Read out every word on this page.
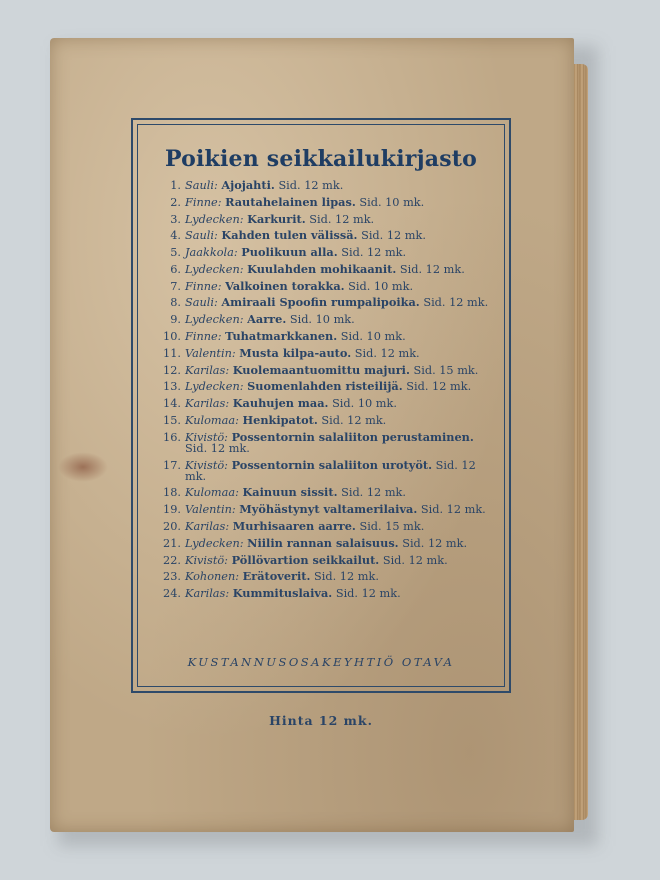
Poikien seikkailukirjasto
1. Sauli: Ajojahti. Sid. 12 mk.
2. Finne: Rautahelainen lipas. Sid. 10 mk.
3. Lydecken: Karkurit. Sid. 12 mk.
4. Sauli: Kahden tulen välissä. Sid. 12 mk.
5. Jaakkola: Puolikuun alla. Sid. 12 mk.
6. Lydecken: Kuulahden mohikaanit. Sid. 12 mk.
7. Finne: Valkoinen torakka. Sid. 10 mk.
8. Sauli: Amiraali Spoofin rumpalipoika. Sid. 12 mk.
9. Lydecken: Aarre. Sid. 10 mk.
10. Finne: Tuhatmarkkanen. Sid. 10 mk.
11. Valentin: Musta kilpa-auto. Sid. 12 mk.
12. Karilas: Kuolemaantuomittu majuri. Sid. 15 mk.
13. Lydecken: Suomenlahden risteilijä. Sid. 12 mk.
14. Karilas: Kauhujen maa. Sid. 10 mk.
15. Kulomaa: Henkipatot. Sid. 12 mk.
16. Kivistö: Possentornin salaliiton perustaminen. Sid. 12 mk.
17. Kivistö: Possentornin salaliiton urotyöt. Sid. 12 mk.
18. Kulomaa: Kainuun sissit. Sid. 12 mk.
19. Valentin: Myöhästynyt valtamerilaiva. Sid. 12 mk.
20. Karilas: Murhisaaren aarre. Sid. 15 mk.
21. Lydecken: Niilin rannan salaisuus. Sid. 12 mk.
22. Kivistö: Pöllövartion seikkailut. Sid. 12 mk.
23. Kohonen: Erätoverit. Sid. 12 mk.
24. Karilas: Kummituslaiva. Sid. 12 mk.
KUSTANNUSOSAKEYHTIÖ OTAVA
Hinta 12 mk.
